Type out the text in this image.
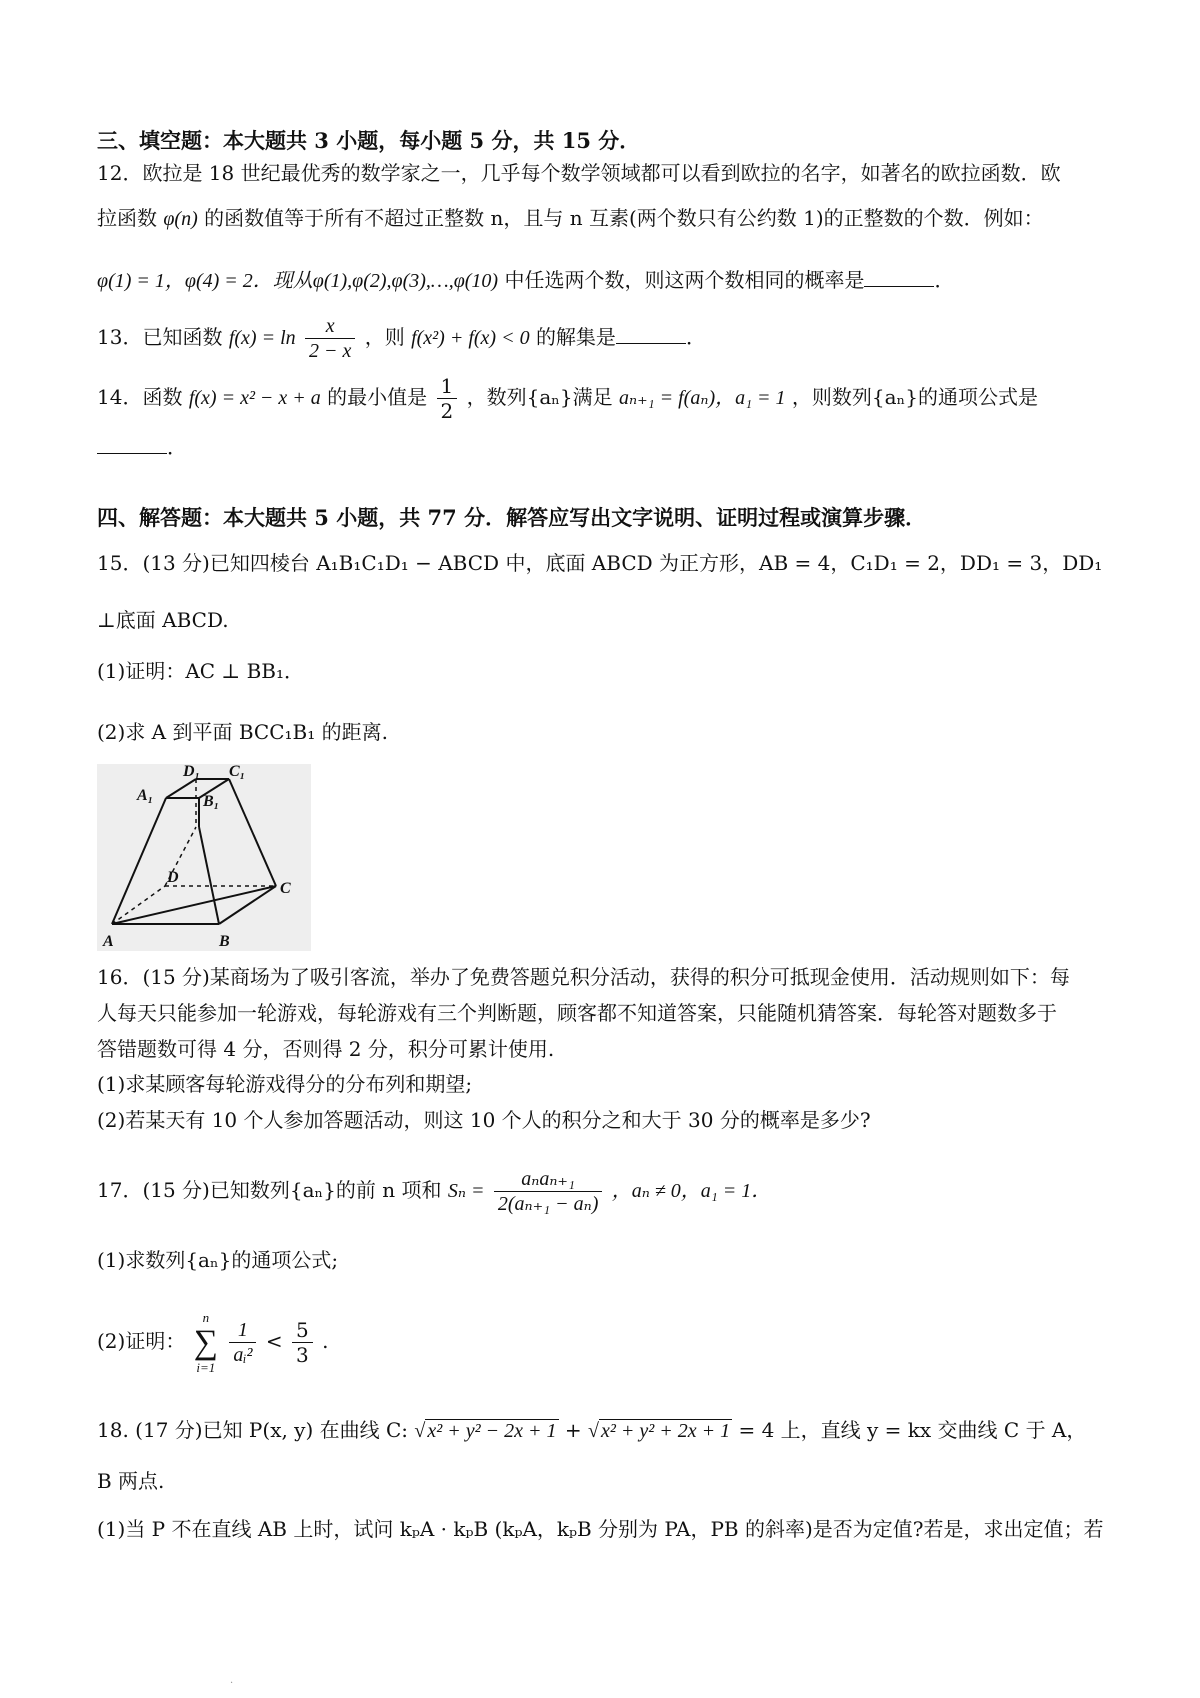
三、填空题：本大题共 3 小题，每小题 5 分，共 15 分．
12．欧拉是 18 世纪最优秀的数学家之一，几乎每个数学领域都可以看到欧拉的名字，如著名的欧拉函数．欧
拉函数 φ(n) 的函数值等于所有不超过正整数 n，且与 n 互素(两个数只有公约数 1)的正整数的个数．例如：
φ(1) = 1，φ(4) = 2．现从φ(1),φ(2),φ(3),…,φ(10) 中任选两个数，则这两个数相同的概率是	．
13．已知函数 $f(x) = \ln \frac{x}{2 - x}$ ，则 f(x²) + f(x) < 0 的解集是	．
14．函数 f(x) = x² − x + a 的最小值是 $\frac{1}{2}$ ，数列{aₙ}满足 aₙ₊₁ = f(aₙ)，a₁ = 1 ，则数列{aₙ}的通项公式是
．
四、解答题：本大题共 5 小题，共 77 分．解答应写出文字说明、证明过程或演算步骤．
15．(13 分)已知四棱台 A₁B₁C₁D₁ − ABCD 中，底面 ABCD 为正方形，AB = 4，C₁D₁ = 2，DD₁ = 3，DD₁
⊥底面 ABCD.
(1)证明：AC ⊥ BB₁．
(2)求 A 到平面 BCC₁B₁ 的距离.
D₁ C₁
A₁	B₁
D
C
A	B
16．(15 分)某商场为了吸引客流，举办了免费答题兑积分活动，获得的积分可抵现金使用．活动规则如下：每
人每天只能参加一轮游戏，每轮游戏有三个判断题，顾客都不知道答案，只能随机猜答案．每轮答对题数多于
答错题数可得 4 分，否则得 2 分，积分可累计使用.
(1)求某顾客每轮游戏得分的分布列和期望;
(2)若某天有 10 个人参加答题活动，则这 10 个人的积分之和大于 30 分的概率是多少?
17．(15 分)已知数列{aₙ}的前 n 项和 $S_n = \frac{\text{aₙaₙ₊₁}}{\text{2(aₙ₊₁ − aₙ)}}$ ，aₙ ≠ 0，a₁ = 1．
(1)求数列{aₙ}的通项公式;
(2)证明： n
∑
$i=1 \frac{1}{\text{aᵢ²}} < \frac{5}{3}$ .
18. (17 分)已知 P(x, y) 在曲线 C: √ x² + y² − 2x + 1 + √ x² + y² + 2x + 1 = 4 上，直线 y = kx 交曲线 C 于 A，
B 两点.
(1)当 P 不在直线 AB 上时，试问 kₚA · kₚB (kₚA，kₚB 分别为 PA，PB 的斜率)是否为定值?若是，求出定值；若
·
